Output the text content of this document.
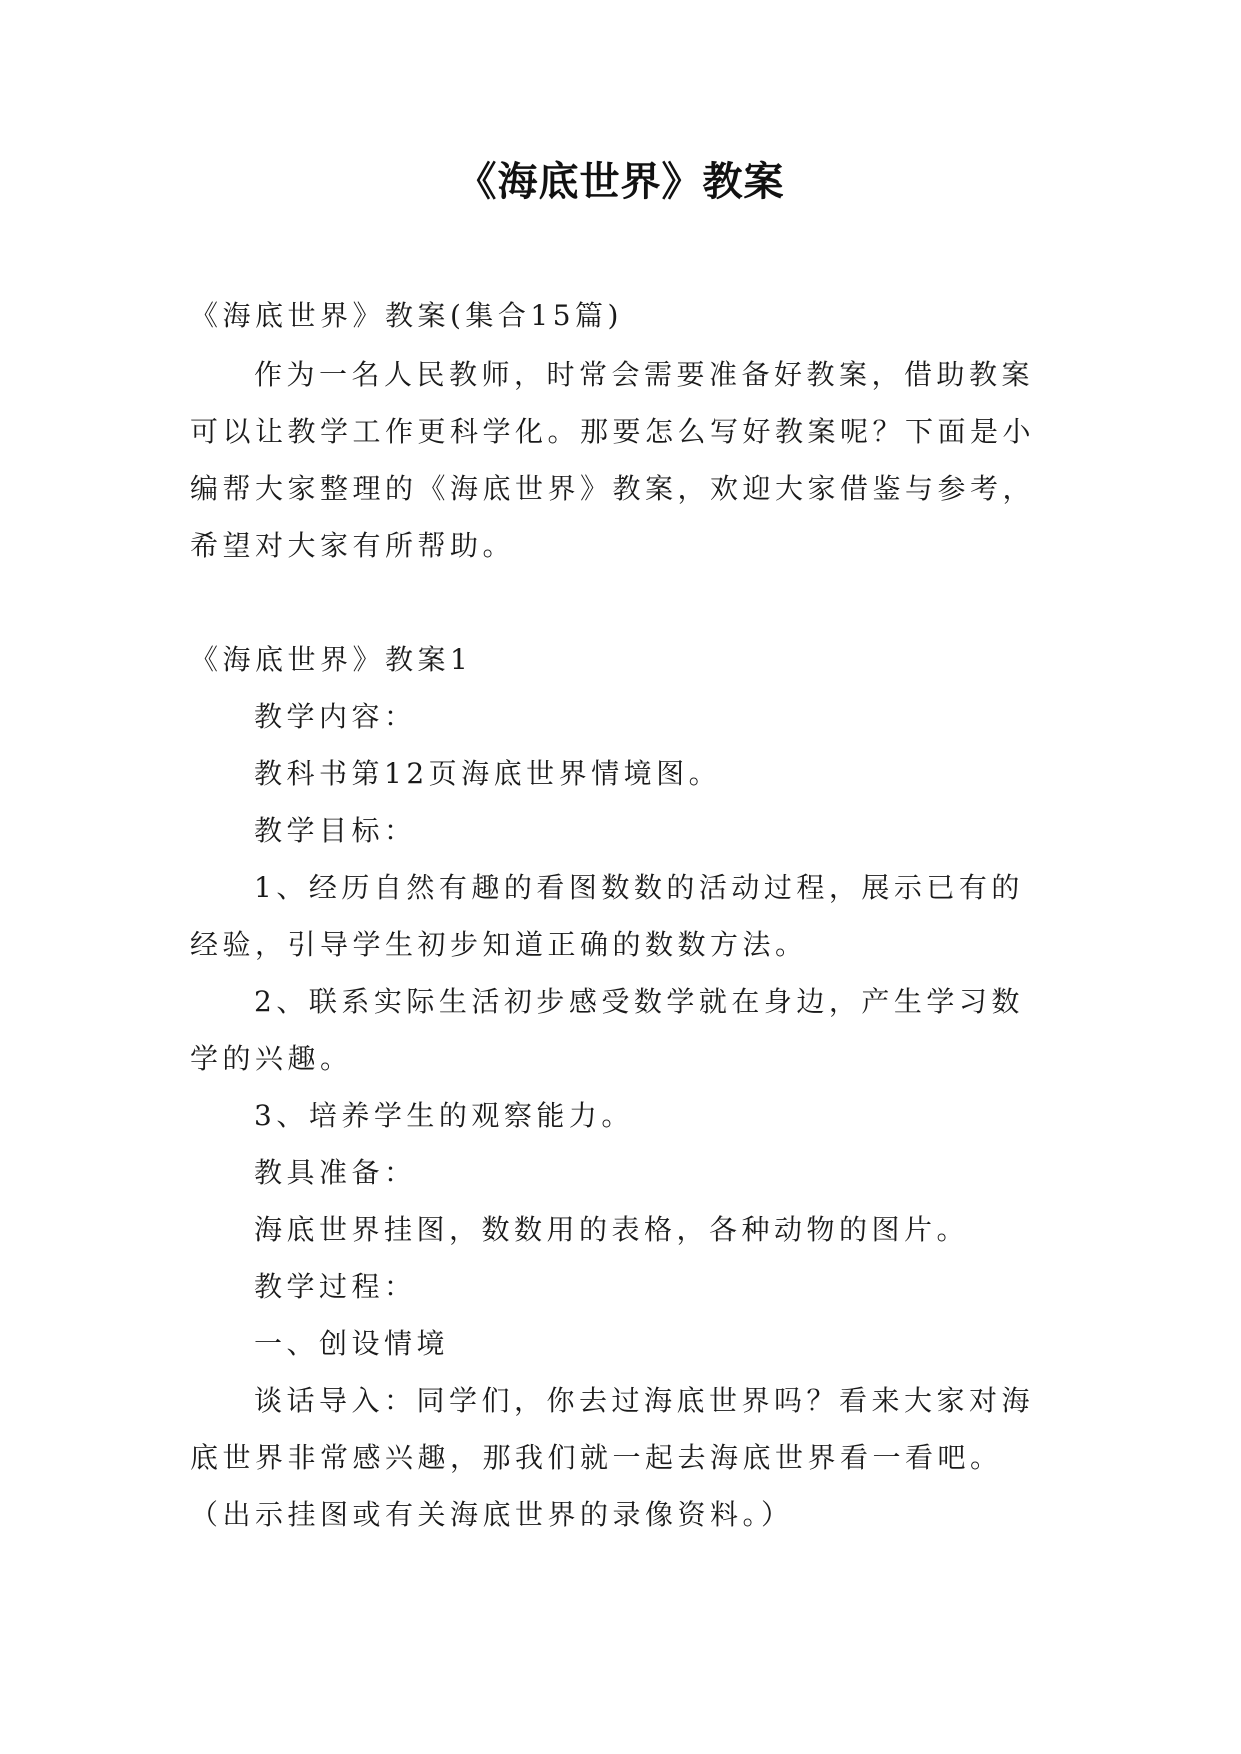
《海底世界》教案
《海底世界》教案(集合15篇)
作为一名人民教师，时常会需要准备好教案，借助教案
可以让教学工作更科学化。那要怎么写好教案呢？下面是小
编帮大家整理的《海底世界》教案，欢迎大家借鉴与参考，
希望对大家有所帮助。
《海底世界》教案1
教学内容：
教科书第12页海底世界情境图。
教学目标：
1、经历自然有趣的看图数数的活动过程，展示已有的
经验，引导学生初步知道正确的数数方法。
2、联系实际生活初步感受数学就在身边，产生学习数
学的兴趣。
3、培养学生的观察能力。
教具准备：
海底世界挂图，数数用的表格，各种动物的图片。
教学过程：
一、创设情境
谈话导入：同学们，你去过海底世界吗？看来大家对海
底世界非常感兴趣，那我们就一起去海底世界看一看吧。
（出示挂图或有关海底世界的录像资料。）
